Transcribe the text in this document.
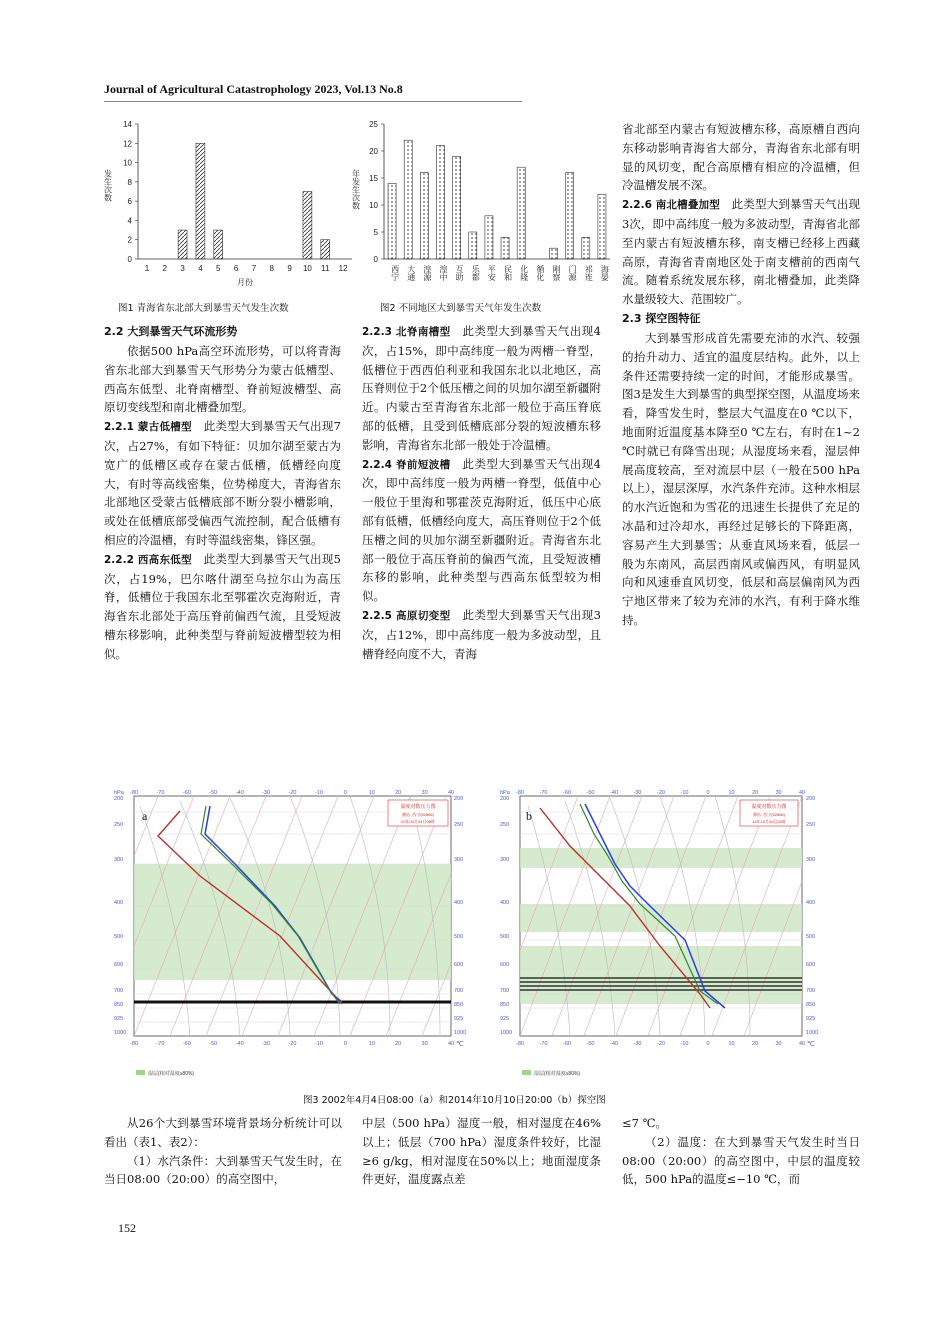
Journal of Agricultural Catastrophology 2023, Vol.13 No.8
0
2
4
6
8
10
12
14
1 2 3 4 5 6 7 8 9 10 11 12
发生次数
月份
图1 青海省东北部大到暴雪天气发生次数
0
5
10
15
20
25
西宁 大通 湟源 湟中 互助 乐都 平安 民和 化隆 循化 刚察 门源 祁连 海晏
年发生次数
图2 不同地区大到暴雪天气年发生次数

2.2 大到暴雪天气环流形势

依据500 hPa高空环流形势，可以将青海省东北部大到暴雪天气形势分为蒙古低槽型、西高东低型、北脊南槽型、脊前短波槽型、高原切变线型和南北槽叠加型。

2.2.1 蒙古低槽型　 此类型大到暴雪天气出现7次，占27%，有如下特征：贝加尔湖至蒙古为宽广的低槽区或存在蒙古低槽，低槽经向度大，有时等高线密集，位势梯度大，青海省东北部地区受蒙古低槽底部不断分裂小槽影响，或处在低槽底部受偏西气流控制，配合低槽有相应的冷温槽，有时等温线密集，锋区强。

2.2.2 西高东低型　 此类型大到暴雪天气出现5次，占19%，巴尔喀什湖至乌拉尔山为高压脊，低槽位于我国东北至鄂霍次克海附近，青海省东北部处于高压脊前偏西气流，且受短波槽东移影响，此种类型与脊前短波槽型较为相似。

2.2.3 北脊南槽型　 此类型大到暴雪天气出现4次，占15%，即中高纬度一般为两槽一脊型，低槽位于西西伯利亚和我国东北以北地区，高压脊则位于2个低压槽之间的贝加尔湖至新疆附近。内蒙古至青海省东北部一般位于高压脊底部的低槽，且受到低槽底部分裂的短波槽东移影响，青海省东北部一般处于冷温槽。

2.2.4 脊前短波槽　 此类型大到暴雪天气出现4次，即中高纬度一般为两槽一脊型，低值中心一般位于里海和鄂霍茨克海附近，低压中心底部有低槽，低槽经向度大，高压脊则位于2个低压槽之间的贝加尔湖至新疆附近。青海省东北部一般位于高压脊前的偏西气流，且受短波槽东移的影响，此种类型与西高东低型较为相似。

2.2.5 高原切变型　 此类型大到暴雪天气出现3次，占12%，即中高纬度一般为多波动型，且槽脊经向度不大，青海

省北部至内蒙古有短波槽东移，高原槽自西向东移动影响青海省大部分，青海省东北部有明显的风切变，配合高原槽有相应的冷温槽，但冷温槽发展不深。

2.2.6 南北槽叠加型　 此类型大到暴雪天气出现3次，即中高纬度一般为多波动型，青海省北部至内蒙古有短波槽东移，南支槽已经移上西藏高原，青海省青南地区处于南支槽前的西南气流。随着系统发展东移，南北槽叠加，此类降水量级较大、范围较广。

2.3 探空图特征

大到暴雪形成首先需要充沛的水汽、较强的抬升动力、适宜的温度层结构。此外，以上条件还需要持续一定的时间，才能形成暴雪。图3是发生大到暴雪的典型探空图，从温度场来看，降雪发生时，整层大气温度在0 ℃以下，地面附近温度基本降至0 ℃左右，有时在1~2 ℃时就已有降雪出现；从湿度场来看，湿层伸展高度较高，至对流层中层（一般在500 hPa以上），湿层深厚，水汽条件充沛。这种水相层的水汽近饱和为雪花的迅速生长提供了充足的冰晶和过冷却水，再经过足够长的下降距离，容易产生大到暴雪；从垂直风场来看，低层一般为东南风，高层西南风或偏西风，有明显风向和风速垂直风切变，低层和高层偏南风为西宁地区带来了较为充沛的水汽，有利于降水维持。

温度对数压力图
测站: 西宁(52866)
02年04月04日08时
a
温度对数压力图
测站: 西宁(52866)
14年10月10日20时
b
hPa	hPa
200	200	200	200
250	250	250	250
300	300	300	300
400	400	400	400
500	500	500	500
600	600	600	600
700	700	700	700
850	850	850	850
925	925	925	925
1000	1000	1000	1000
-80
-80
-80
-80
-70
-70
-70
-70
-60
-60
-60
-60
-50
-50
-50
-50
-40
-40
-40
-40
-30
-30
-30
-30
-20
-20
-20
-20
-10
-10
-10
-10
0
0
0
0
10
10
10
10
20
20
20
20
30
30
30
30
40
40
40
40
℃	℃
湿层(相对湿度≥80%)	湿层(相对湿度≥80%)
图3 2002年4月4日08:00（a）和2014年10月10日20:00（b）探空图

从26个大到暴雪环境背景场分析统计可以看出（表1、表2）：

（1）水汽条件：大到暴雪天气发生时，在当日08:00（20:00）的高空图中，

中层（500 hPa）湿度一般，相对湿度在46%以上；低层（700 hPa）湿度条件较好，比湿≥6 g/kg，相对湿度在50%以上；地面湿度条件更好，温度露点差

≤7 ℃。

（2）温度：在大到暴雪天气发生时当日08:00（20:00）的高空图中，中层的温度较低，500 hPa的温度≤−10 ℃，而

152
